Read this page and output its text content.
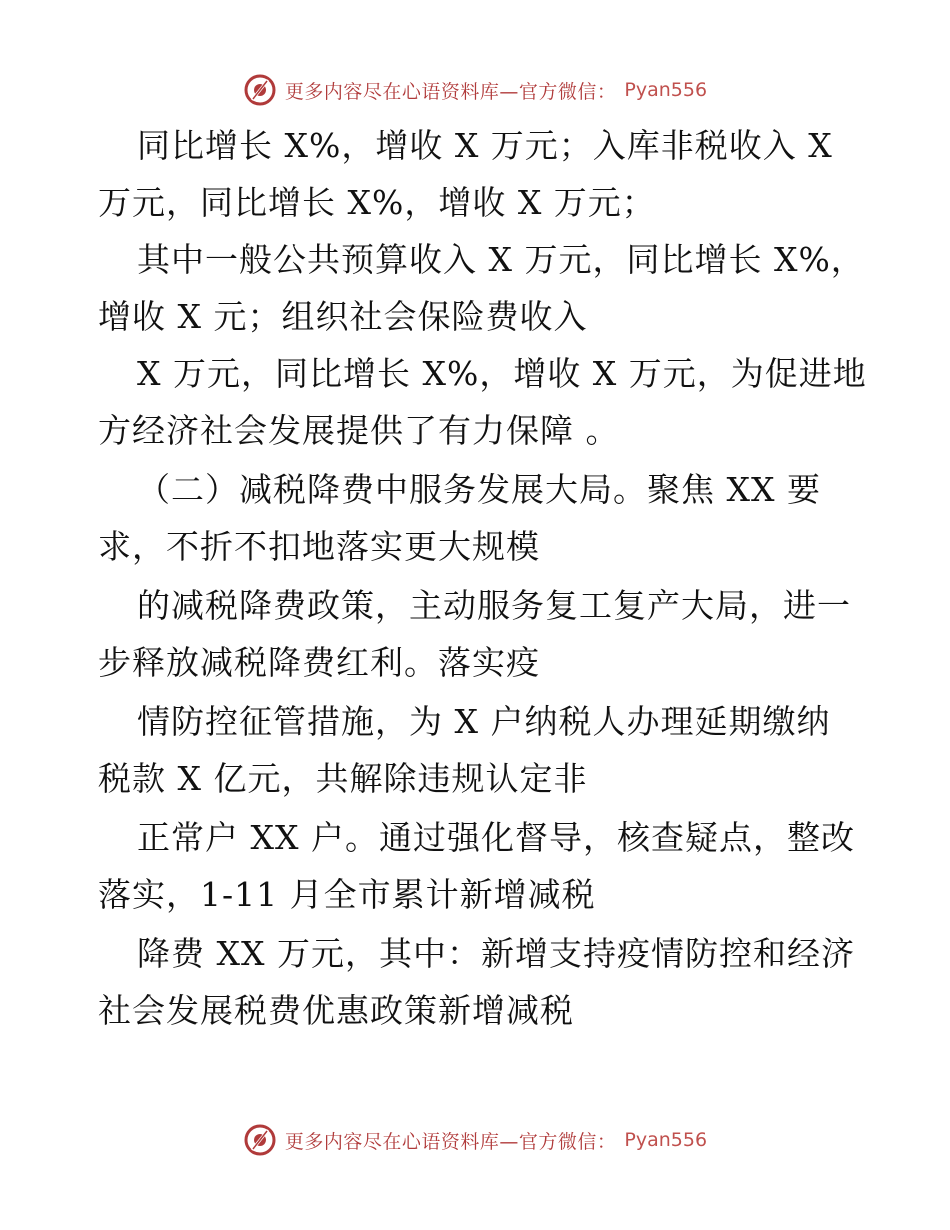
更多内容尽在心语资料库—官方微信： Pyan556
同比增长 X%，增收 X 万元；入库非税收入 X
万元，同比增长 X%，增收 X 万元；
其中一般公共预算收入 X 万元，同比增长 X%，
增收 X 元；组织社会保险费收入
X 万元，同比增长 X%，增收 X 万元，为促进地
方经济社会发展提供了有力保障 。
（二）减税降费中服务发展大局。聚焦 XX 要
求，不折不扣地落实更大规模
的减税降费政策，主动服务复工复产大局，进一
步释放减税降费红利。落实疫
情防控征管措施，为 X 户纳税人办理延期缴纳
税款 X 亿元，共解除违规认定非
正常户 XX 户。通过强化督导，核查疑点，整改
落实，1-11 月全市累计新增减税
降费 XX 万元，其中：新增支持疫情防控和经济
社会发展税费优惠政策新增减税
更多内容尽在心语资料库—官方微信： Pyan556
